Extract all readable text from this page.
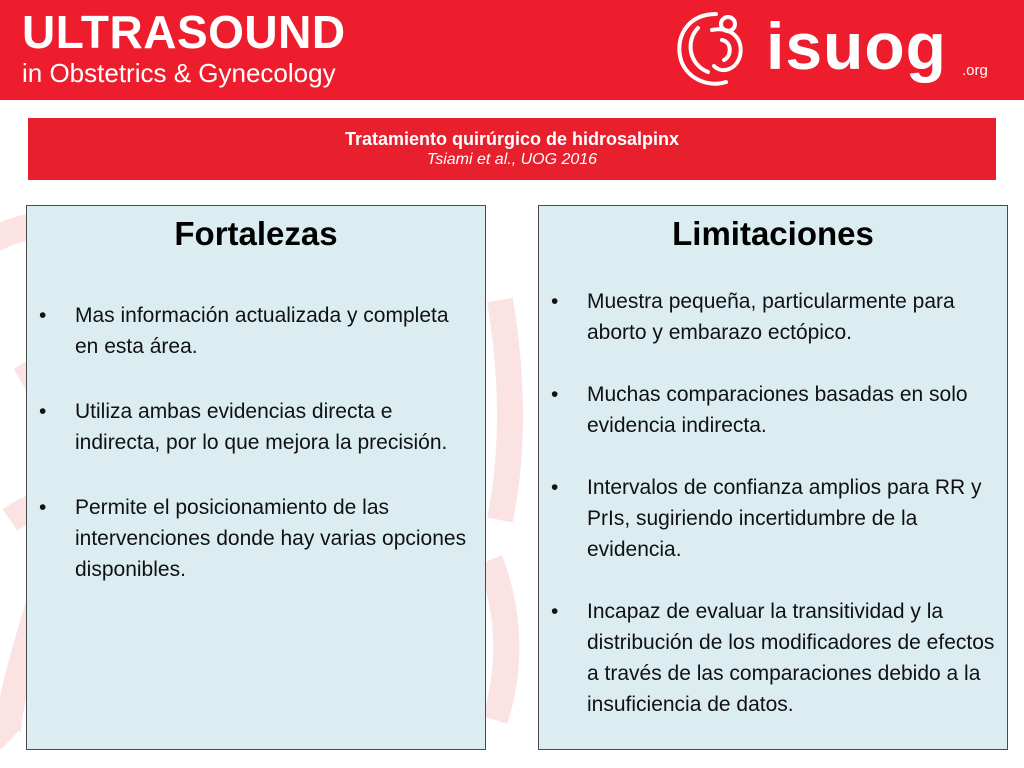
ULTRASOUND
in Obstetrics & Gynecology	isuog .org
Tratamiento quirúrgico de hidrosalpinx
Tsiami et al., UOG 2016
Fortalezas
• Mas información actualizada y completa en esta área.
• Utiliza ambas evidencias directa e indirecta, por lo que mejora la precisión.
• Permite el posicionamiento de las intervenciones donde hay varias opciones disponibles.
Limitaciones
• Muestra pequeña, particularmente para aborto y embarazo ectópico.
• Muchas comparaciones basadas en solo evidencia indirecta.
• Intervalos de confianza amplios para RR y PrIs, sugiriendo incertidumbre de la evidencia.
• Incapaz de evaluar la transitividad y la distribución de los modificadores de efectos a través de las comparaciones debido a la insuficiencia de datos.
